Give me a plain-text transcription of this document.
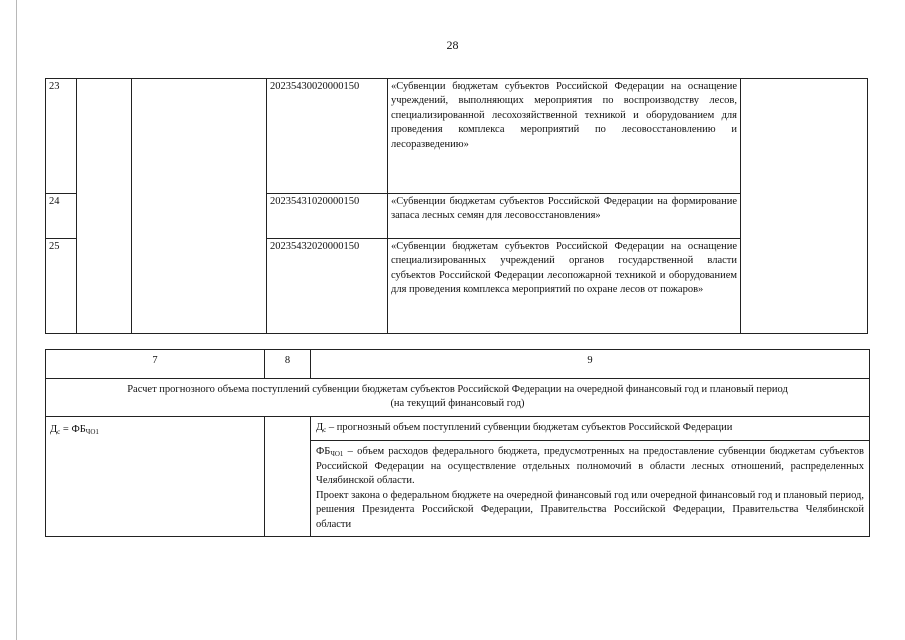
28
23			20235430020000150	«Субвенции бюджетам субъектов Российской Федерации на оснащение учреждений, выполняющих мероприятия по воспроизводству лесов, специализированной лесохозяйственной техникой и оборудованием для проведения комплекса мероприятий по лесовосстановлению и лесоразведению»	
24			20235431020000150	«Субвенции бюджетам субъектов Российской Федерации на формирование запаса лесных семян для лесовосстановления»	
25			20235432020000150	«Субвенции бюджетам субъектов Российской Федерации на оснащение специализированных учреждений органов государственной власти субъектов Российской Федерации лесопожарной техникой и оборудованием для проведения комплекса мероприятий по охране лесов от пожаров»	
7	8	9
Расчет прогнозного объема поступлений субвенции бюджетам субъектов Российской Федерации на очередной финансовый год и плановый период
(на текущий финансовый год)		
$Д_с = ФБ_{ЧО1}$		$Д_с$ – прогнозный объем поступлений субвенции бюджетам субъектов Российской Федерации
		$ФБ_{ЧО1}$ – объем расходов федерального бюджета, предусмотренных на предоставление субвенции бюджетам субъектов Российской Федерации на осуществление отдельных полномочий в области лесных отношений, распределенных Челябинской области.
Проект закона о федеральном бюджете на очередной финансовый год или очередной финансовый год и плановый период, решения Президента Российской Федерации, Правительства Российской Федерации, Правительства Челябинской области
